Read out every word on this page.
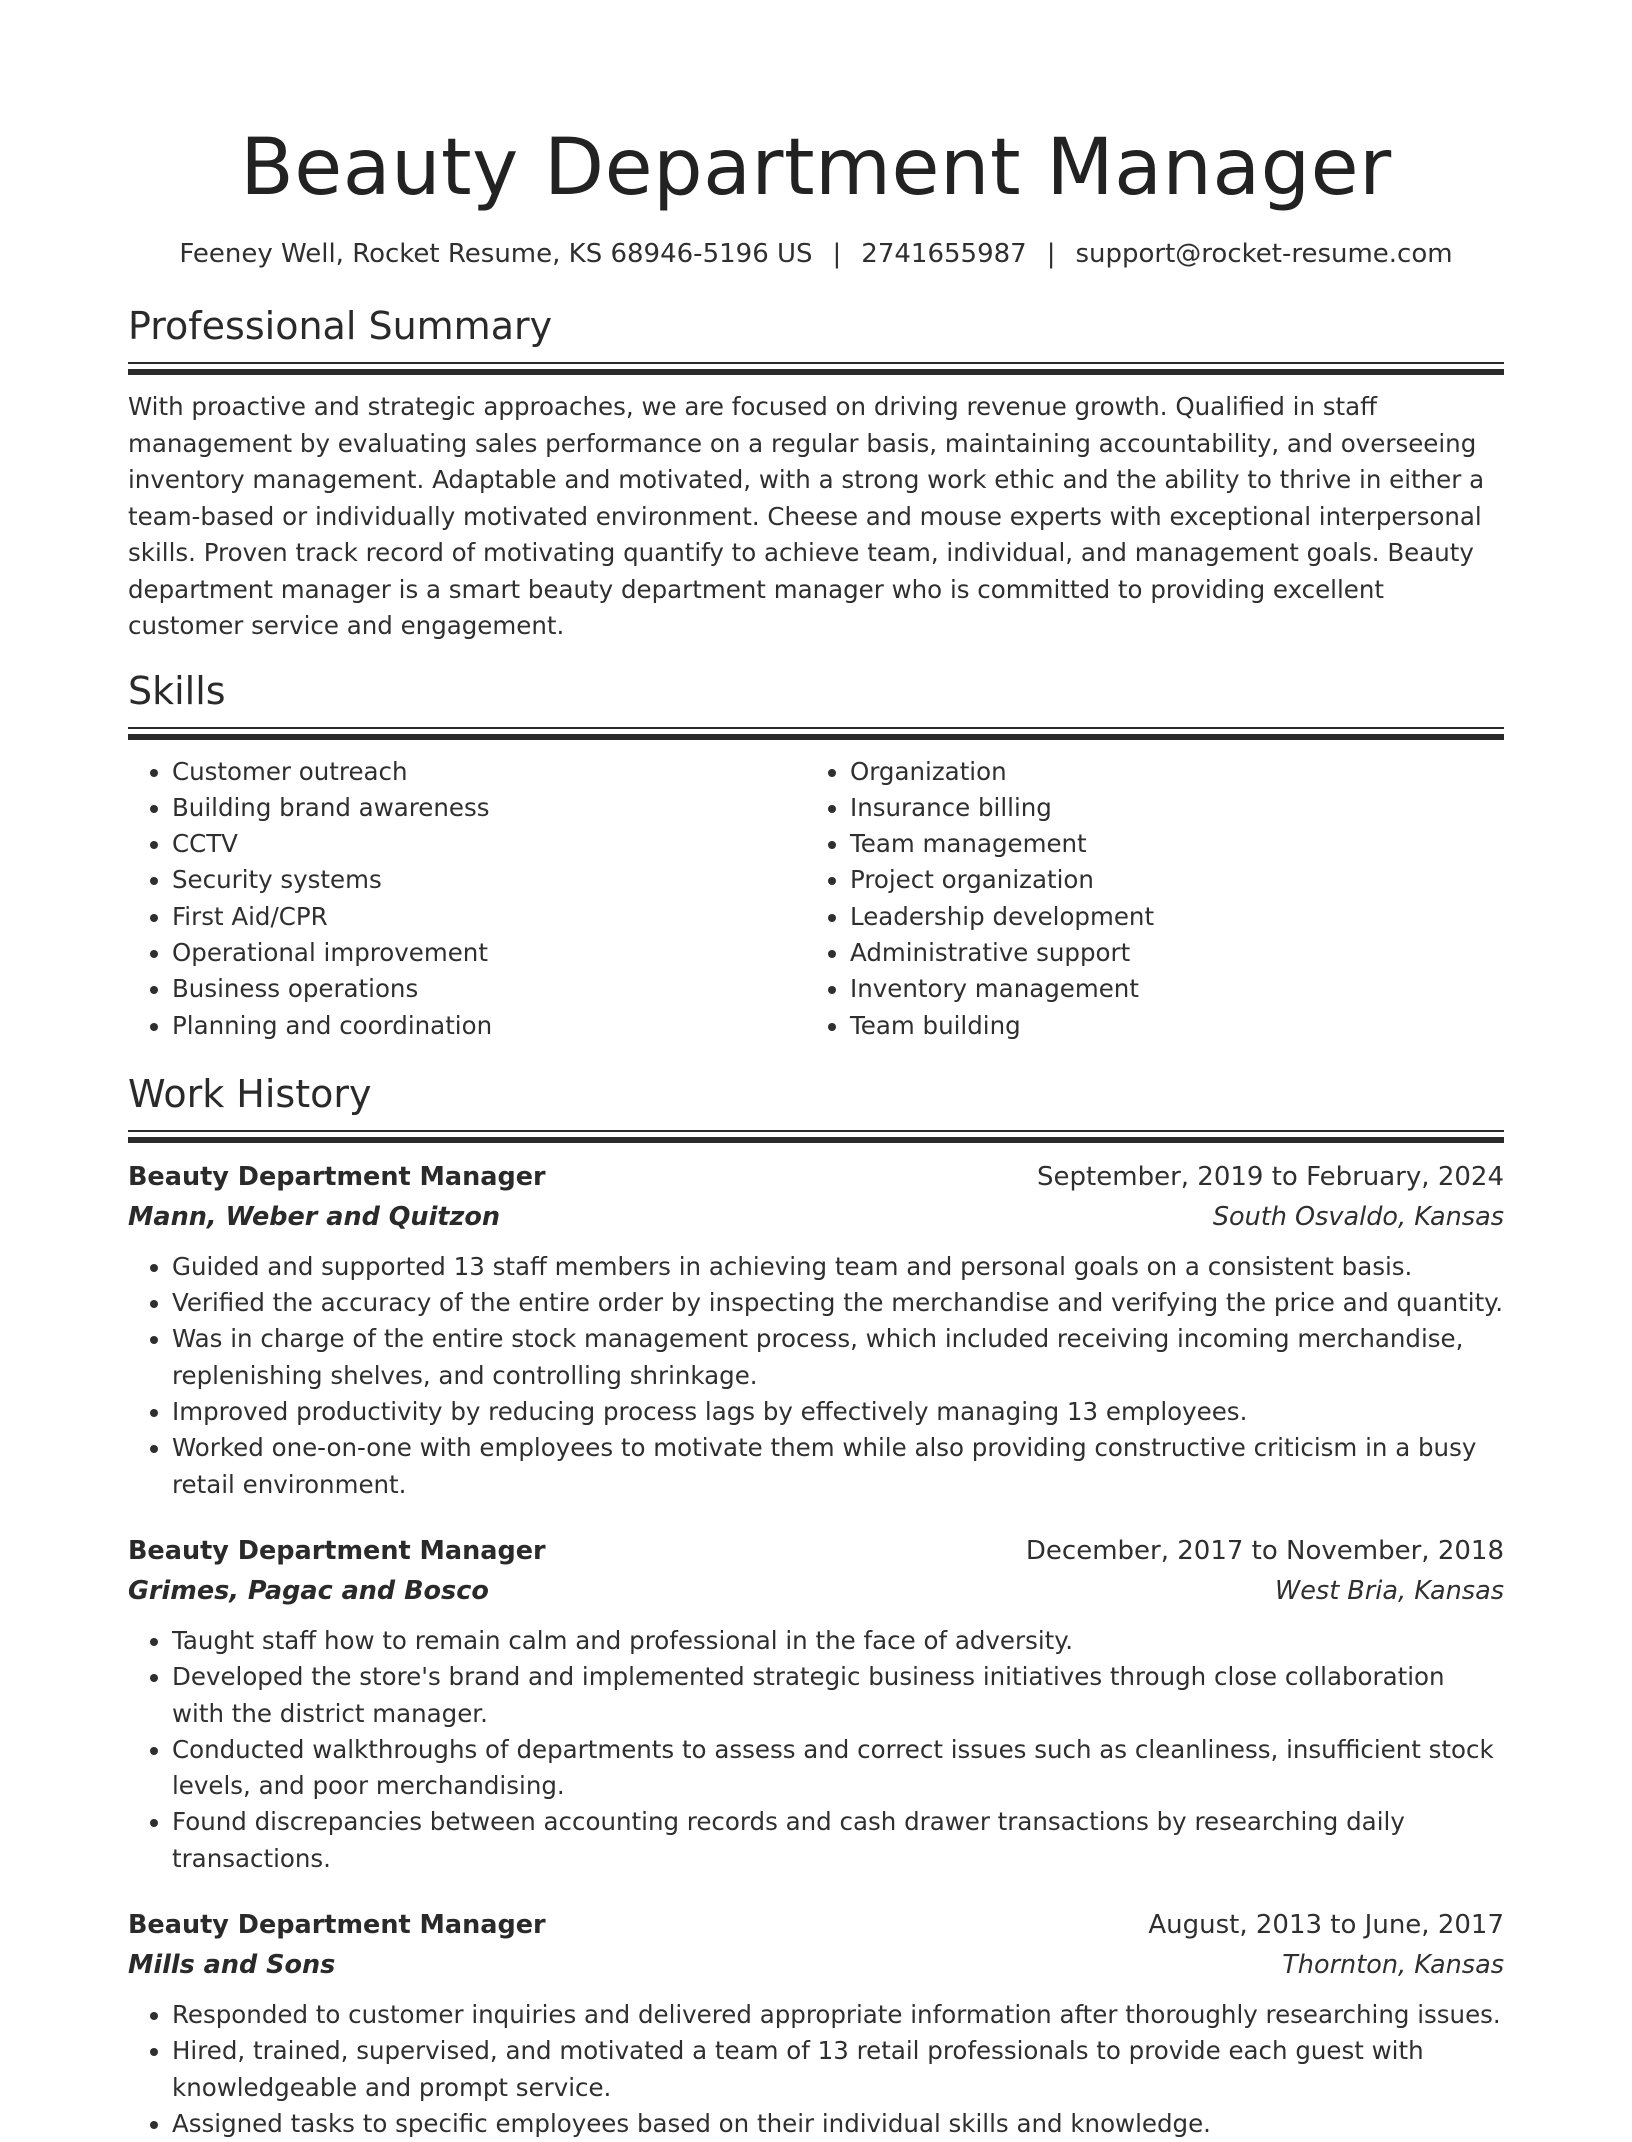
Beauty Department Manager
Feeney Well, Rocket Resume, KS 68946-5196 US | 2741655987 | support@rocket-resume.com
Professional Summary

With proactive and strategic approaches, we are focused on driving revenue growth. Qualified in staff management by evaluating sales performance on a regular basis, maintaining accountability, and overseeing inventory management. Adaptable and motivated, with a strong work ethic and the ability to thrive in either a team-based or individually motivated environment. Cheese and mouse experts with exceptional interpersonal skills. Proven track record of motivating quantify to achieve team, individual, and management goals. Beauty department manager is a smart beauty department manager who is committed to providing excellent customer service and engagement.

Skills
• Customer outreach
• Building brand awareness
• CCTV
• Security systems
• First Aid/CPR
• Operational improvement
• Business operations
• Planning and coordination
• Organization
• Insurance billing
• Team management
• Project organization
• Leadership development
• Administrative support
• Inventory management
• Team building
Work History
Beauty Department Manager	September, 2019 to February, 2024
Mann, Weber and Quitzon	South Osvaldo, Kansas
• Guided and supported 13 staff members in achieving team and personal goals on a consistent basis.
• Verified the accuracy of the entire order by inspecting the merchandise and verifying the price and quantity.
• Was in charge of the entire stock management process, which included receiving incoming merchandise, replenishing shelves, and controlling shrinkage.
• Improved productivity by reducing process lags by effectively managing 13 employees.
• Worked one-on-one with employees to motivate them while also providing constructive criticism in a busy retail environment.
Beauty Department Manager	December, 2017 to November, 2018
Grimes, Pagac and Bosco	West Bria, Kansas
• Taught staff how to remain calm and professional in the face of adversity.
• Developed the store's brand and implemented strategic business initiatives through close collaboration with the district manager.
• Conducted walkthroughs of departments to assess and correct issues such as cleanliness, insufficient stock levels, and poor merchandising.
• Found discrepancies between accounting records and cash drawer transactions by researching daily transactions.
Beauty Department Manager	August, 2013 to June, 2017
Mills and Sons	Thornton, Kansas
• Responded to customer inquiries and delivered appropriate information after thoroughly researching issues.
• Hired, trained, supervised, and motivated a team of 13 retail professionals to provide each guest with knowledgeable and prompt service.
• Assigned tasks to specific employees based on their individual skills and knowledge.
